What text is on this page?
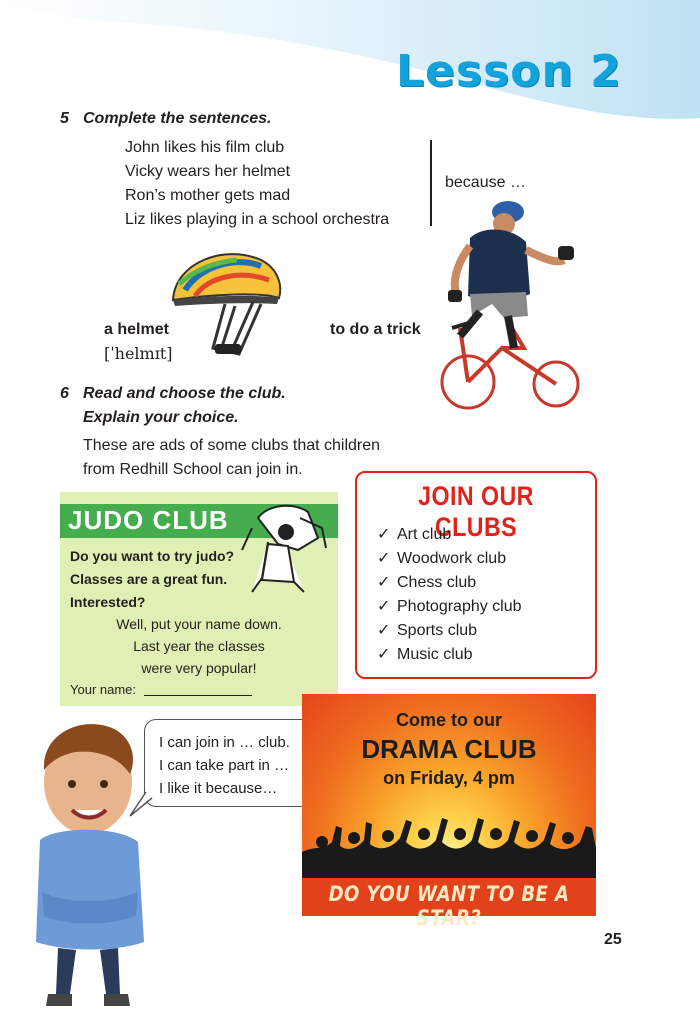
Lesson 2
5 Complete the sentences.
John likes his film club
Vicky wears her helmet
Ron’s mother gets mad
Liz likes playing in a school orchestra
because …
a helmet
[ˈhelmɪt]
to do a trick
6 Read and choose the club.
Explain your choice.
These are ads of some clubs that children
from Redhill School can join in.
JUDO CLUB
Do you want to try judo?
Classes are a great fun.
Interested?
Well, put your name down.
Last year the classes
were very popular!
Your name:
JOIN OUR CLUBS
✓ Art club
✓ Woodwork club
✓ Chess club
✓ Photography club
✓ Sports club
✓ Music club
I can join in … club.
I can take part in …
I like it because…
Come to our
DRAMA CLUB
on Friday, 4 pm
DO YOU WANT TO BE A STAR?
25
